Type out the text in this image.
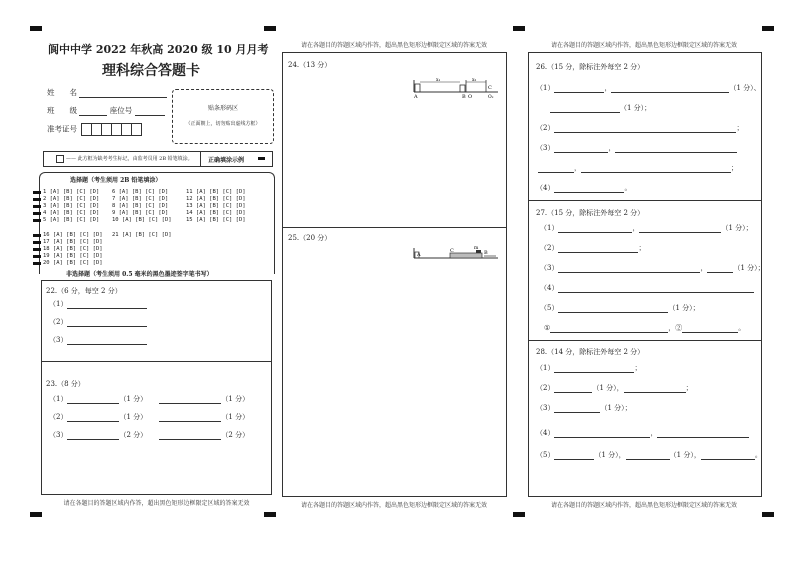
阆中中学 2022 年秋高 2020 级 10 月月考
理科综合答题卡
姓　　名
班　　级	座位号
准考证号
贴条形码区
（正面朝上，切勿贴出虚线方框）
—— 此方框为缺考考生标记，由监考员用 2B 铅笔填涂。	正确填涂示例
选择题（考生须用 2B 铅笔填涂）
1 [A] [B] [C] [D] 6 [A] [B] [C] [D]	11 [A] [B] [C] [D]
2 [A] [B] [C] [D] 7 [A] [B] [C] [D]	12 [A] [B] [C] [D]
3 [A] [B] [C] [D] 8 [A] [B] [C] [D]	13 [A] [B] [C] [D]
4 [A] [B] [C] [D] 9 [A] [B] [C] [D]	14 [A] [B] [C] [D]
5 [A] [B] [C] [D] 10 [A] [B] [C] [D]	15 [A] [B] [C] [D]
16 [A] [B] [C] [D] 21 [A] [B] [C] [D]
17 [A] [B] [C] [D]
18 [A] [B] [C] [D]
19 [A] [B] [C] [D]
20 [A] [B] [C] [D]
非选择题（考生须用 0.5 毫米的黑色墨迹签字笔书写）
22.（6 分，每空 2 分）
（1）
（2）
（3）
23.（8 分）
（1）	（1 分）	（1 分）
（2）	（1 分）	（1 分）
（3）	（2 分）	（2 分）
请在各题目的答题区域内作答，超出黑色矩形边框限定区域的答案无效
请在各题目的答题区域内作答，超出黑色矩形边框限定区域的答案无效
24.（13 分）
A	B O
C
x₁	x₂
Oₓ
25.（20 分）
A
C	m
B
请在各题目的答题区域内作答，超出黑色矩形边框限定区域的答案无效
请在各题目的答题区域内作答，超出黑色矩形边框限定区域的答案无效
26.（15 分，除标注外每空 2 分）
（1）	，	（1 分）、
（1 分）；
（2）	；
（3）	，
，	；
（4）	。
27.（15 分，除标注外每空 2 分）
（1）	，	（1 分）；
（2）	；
（3）	，	（1 分）；
（4）
（5）	（1 分）；
①	，②	。
28.（14 分，除标注外每空 2 分）
（1）	；
（2）	（1 分），	；
（3）	（1 分）；
（4）	，
（5）	（1 分），	（1 分），	。
请在各题目的答题区域内作答，超出黑色矩形边框限定区域的答案无效
